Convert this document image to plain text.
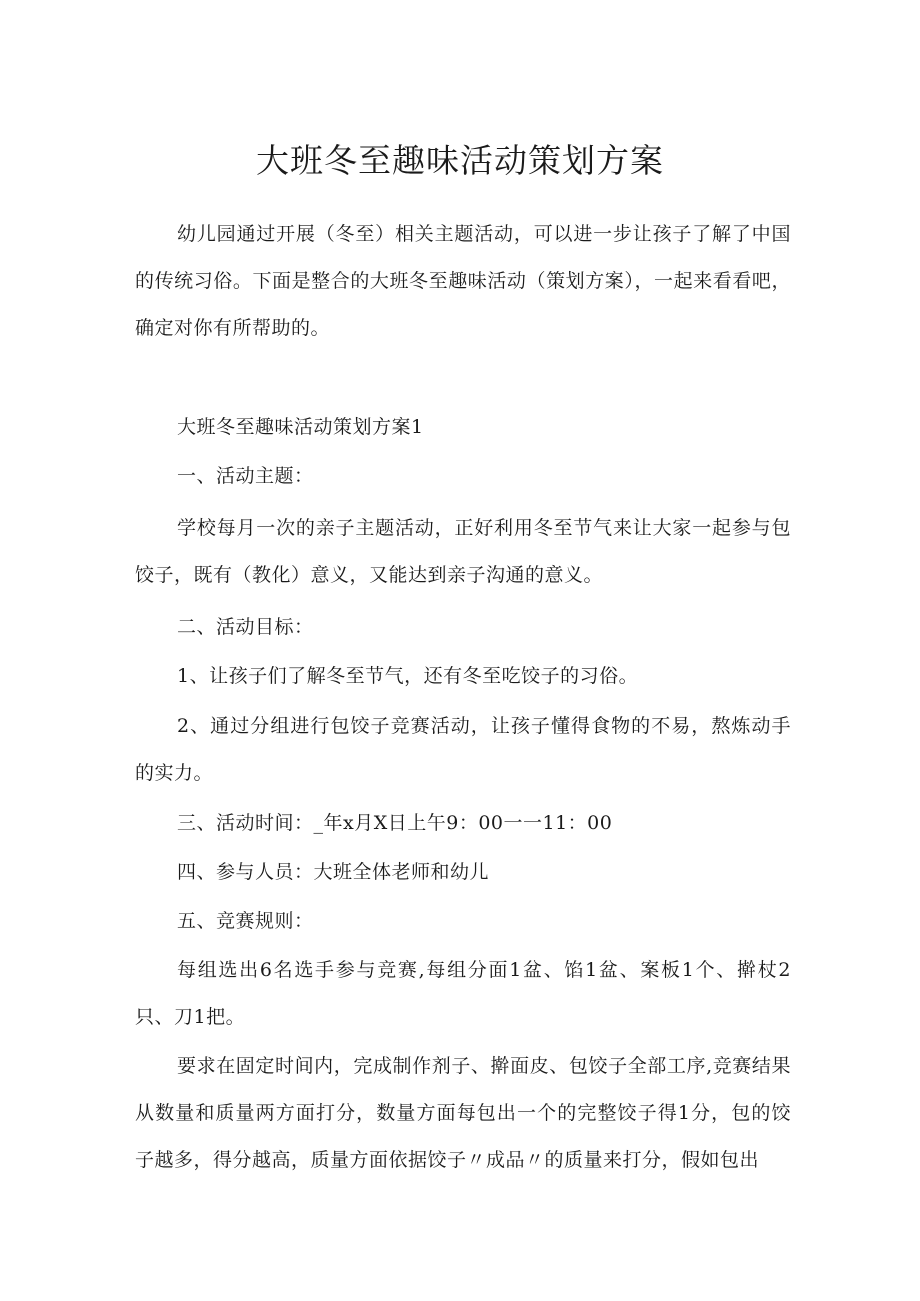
大班冬至趣味活动策划方案

幼儿园通过开展（冬至）相关主题活动，可以进一步让孩子了解了中国的传统习俗。下面是整合的大班冬至趣味活动（策划方案），一起来看看吧，确定对你有所帮助的。

大班冬至趣味活动策划方案1

一、活动主题：

学校每月一次的亲子主题活动，正好利用冬至节气来让大家一起参与包饺子，既有（教化）意义，又能达到亲子沟通的意义。

二、活动目标：

1、让孩子们了解冬至节气，还有冬至吃饺子的习俗。

2、通过分组进行包饺子竞赛活动，让孩子懂得食物的不易，熬炼动手的实力。

三、活动时间：_年x月X日上午9：00一一11：00

四、参与人员：大班全体老师和幼儿

五、竞赛规则：

每组选出6名选手参与竞赛,每组分面1盆、馅1盆、案板1个、擀杖2只、刀1把。

要求在固定时间内，完成制作剂子、擀面皮、包饺子全部工序,竞赛结果从数量和质量两方面打分，数量方面每包出一个的完整饺子得1分，包的饺子越多，得分越高，质量方面依据饺子〃成品〃的质量来打分，假如包出
